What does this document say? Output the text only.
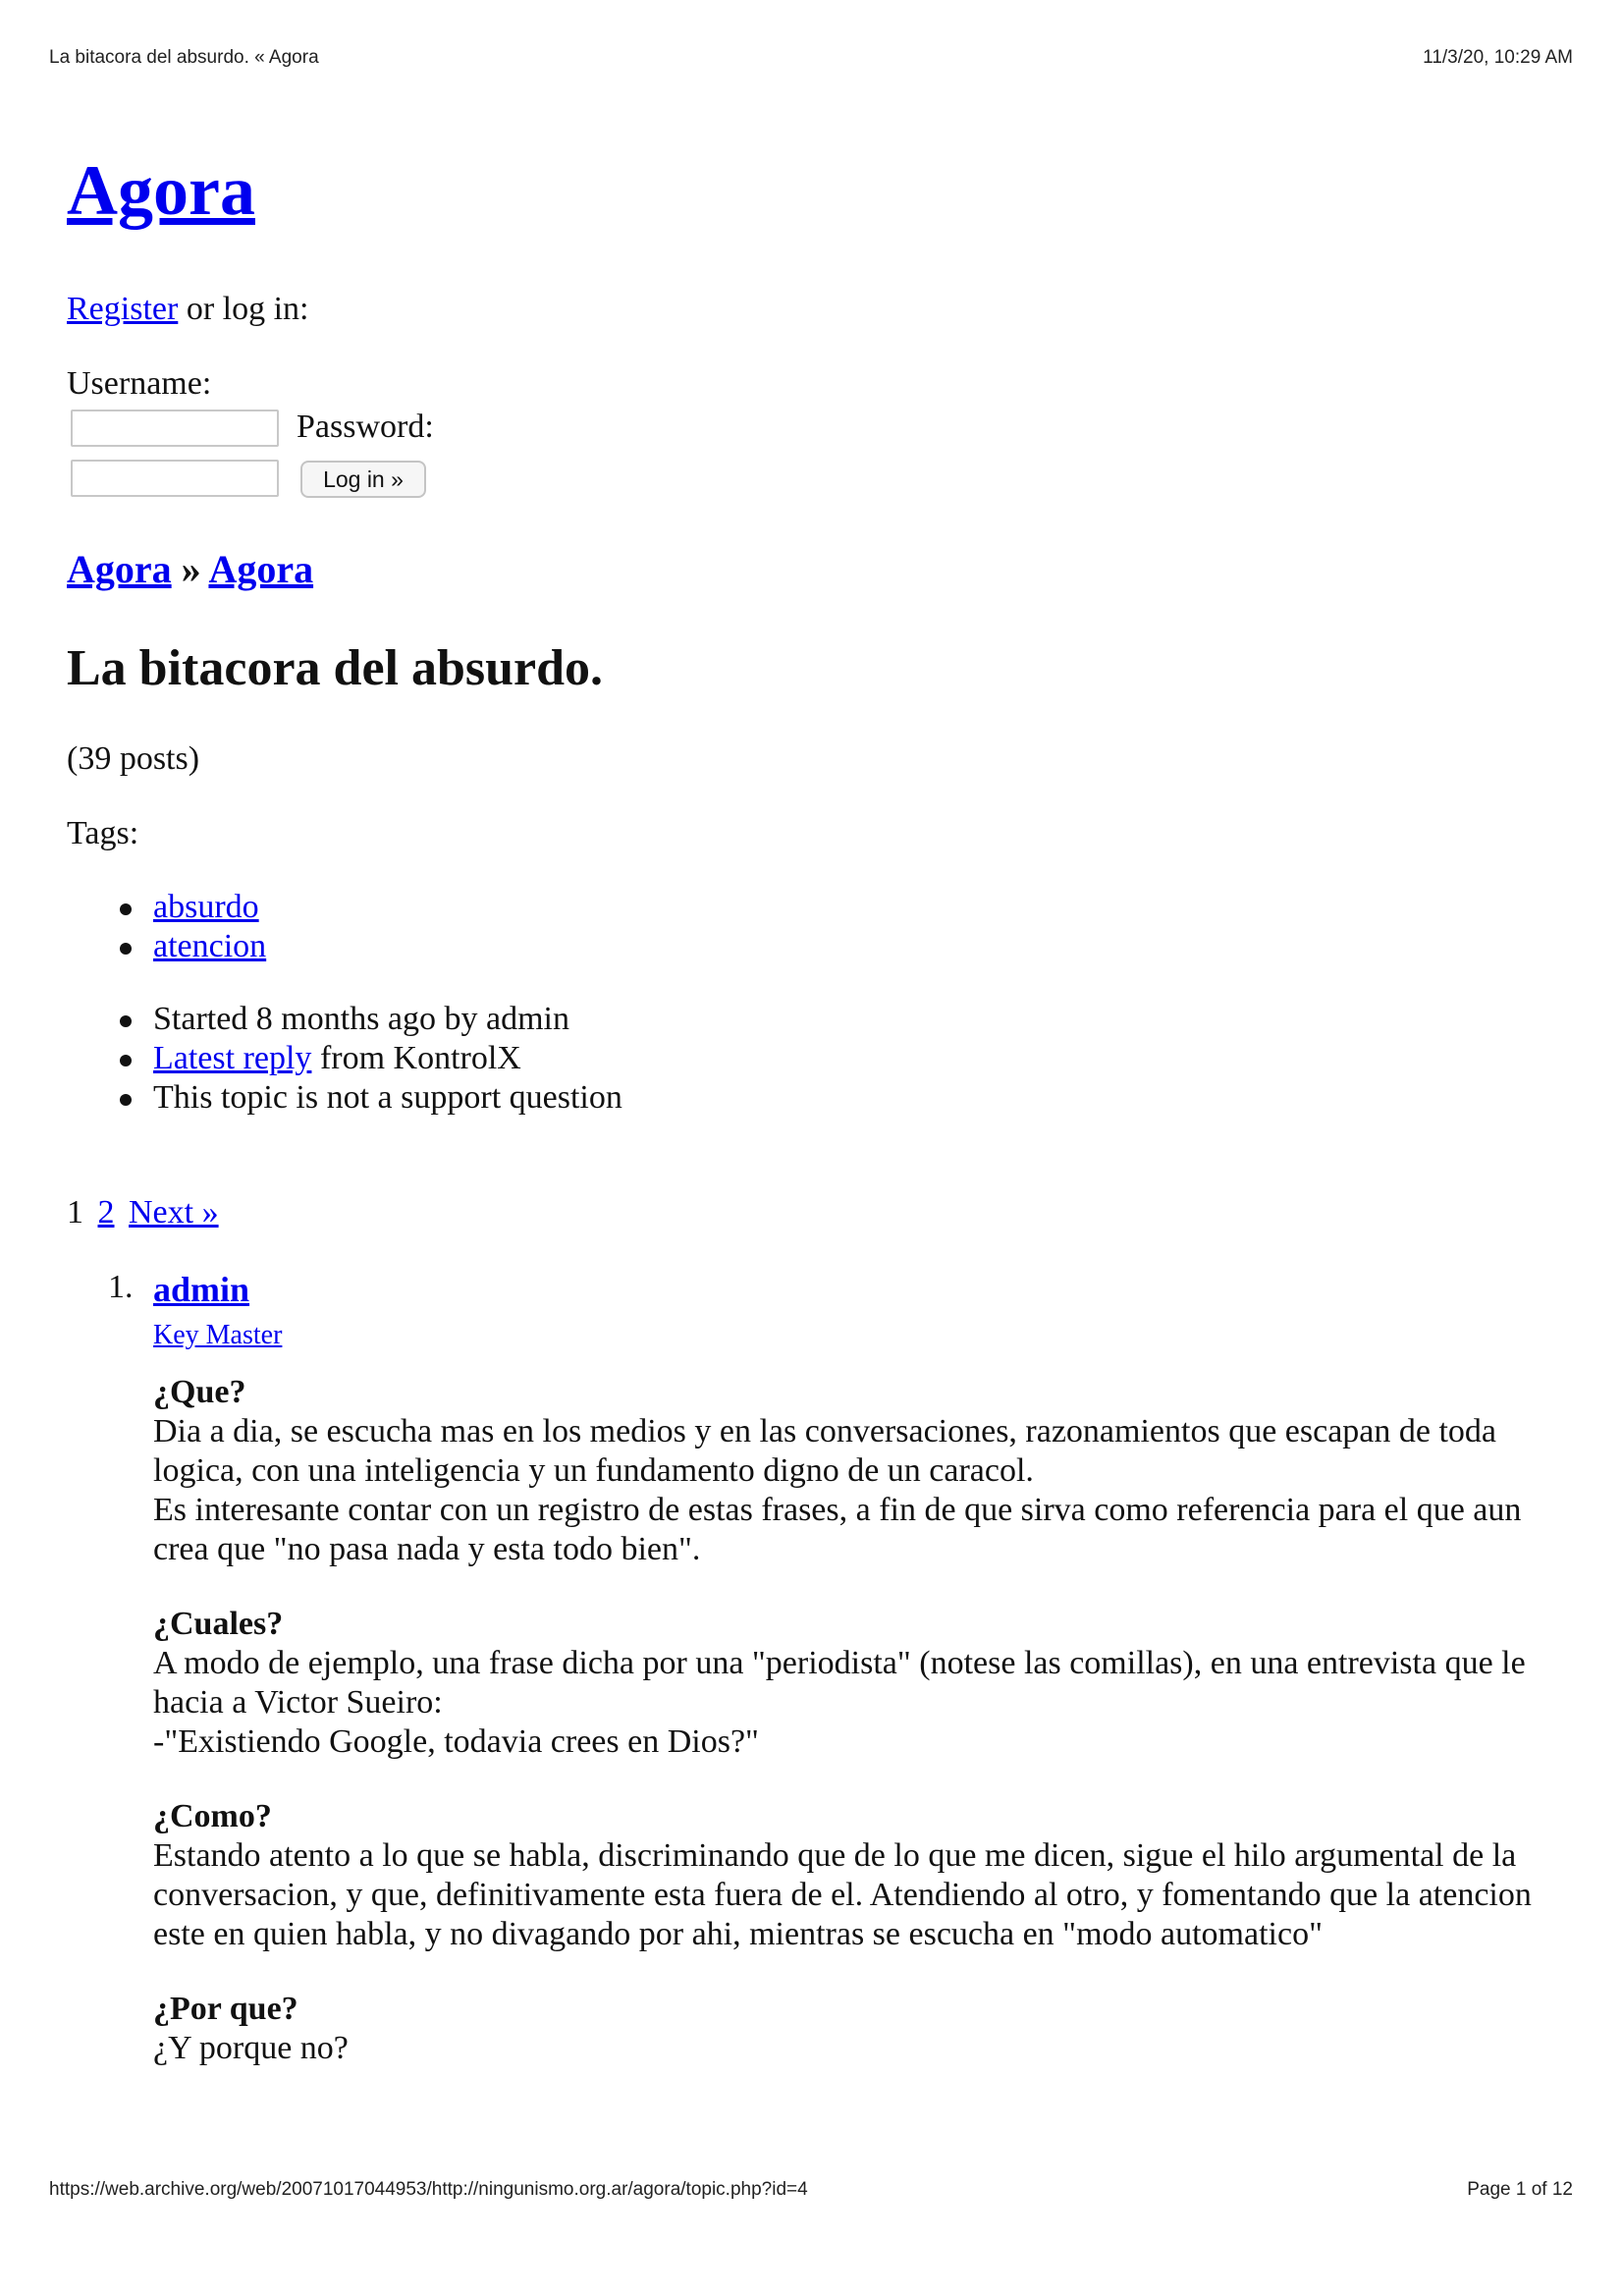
La bitacora del absurdo. « Agora	11/3/20, 10:29 AM
Agora

Register or log in:

Username:
Password:
Log in »
Agora » Agora
La bitacora del absurdo.
(39 posts)
Tags:
absurdo
atencion
Started 8 months ago by admin
Latest reply from KontrolX
This topic is not a support question
1 2 Next »
1. admin
Key Master

¿Que?

Dia a dia, se escucha mas en los medios y en las conversaciones, razonamientos que escapan de toda logica, con una inteligencia y un fundamento digno de un caracol.

Es interesante contar con un registro de estas frases, a fin de que sirva como referencia para el que aun crea que "no pasa nada y esta todo bien".

¿Cuales?

A modo de ejemplo, una frase dicha por una "periodista" (notese las comillas), en una entrevista que le hacia a Victor Sueiro:

-"Existiendo Google, todavia crees en Dios?"

¿Como?

Estando atento a lo que se habla, discriminando que de lo que me dicen, sigue el hilo argumental de la conversacion, y que, definitivamente esta fuera de el. Atendiendo al otro, y fomentando que la atencion este en quien habla, y no divagando por ahi, mientras se escucha en "modo automatico"

¿Por que?

¿Y porque no?

https://web.archive.org/web/20071017044953/http://ningunismo.org.ar/agora/topic.php?id=4	Page 1 of 12
